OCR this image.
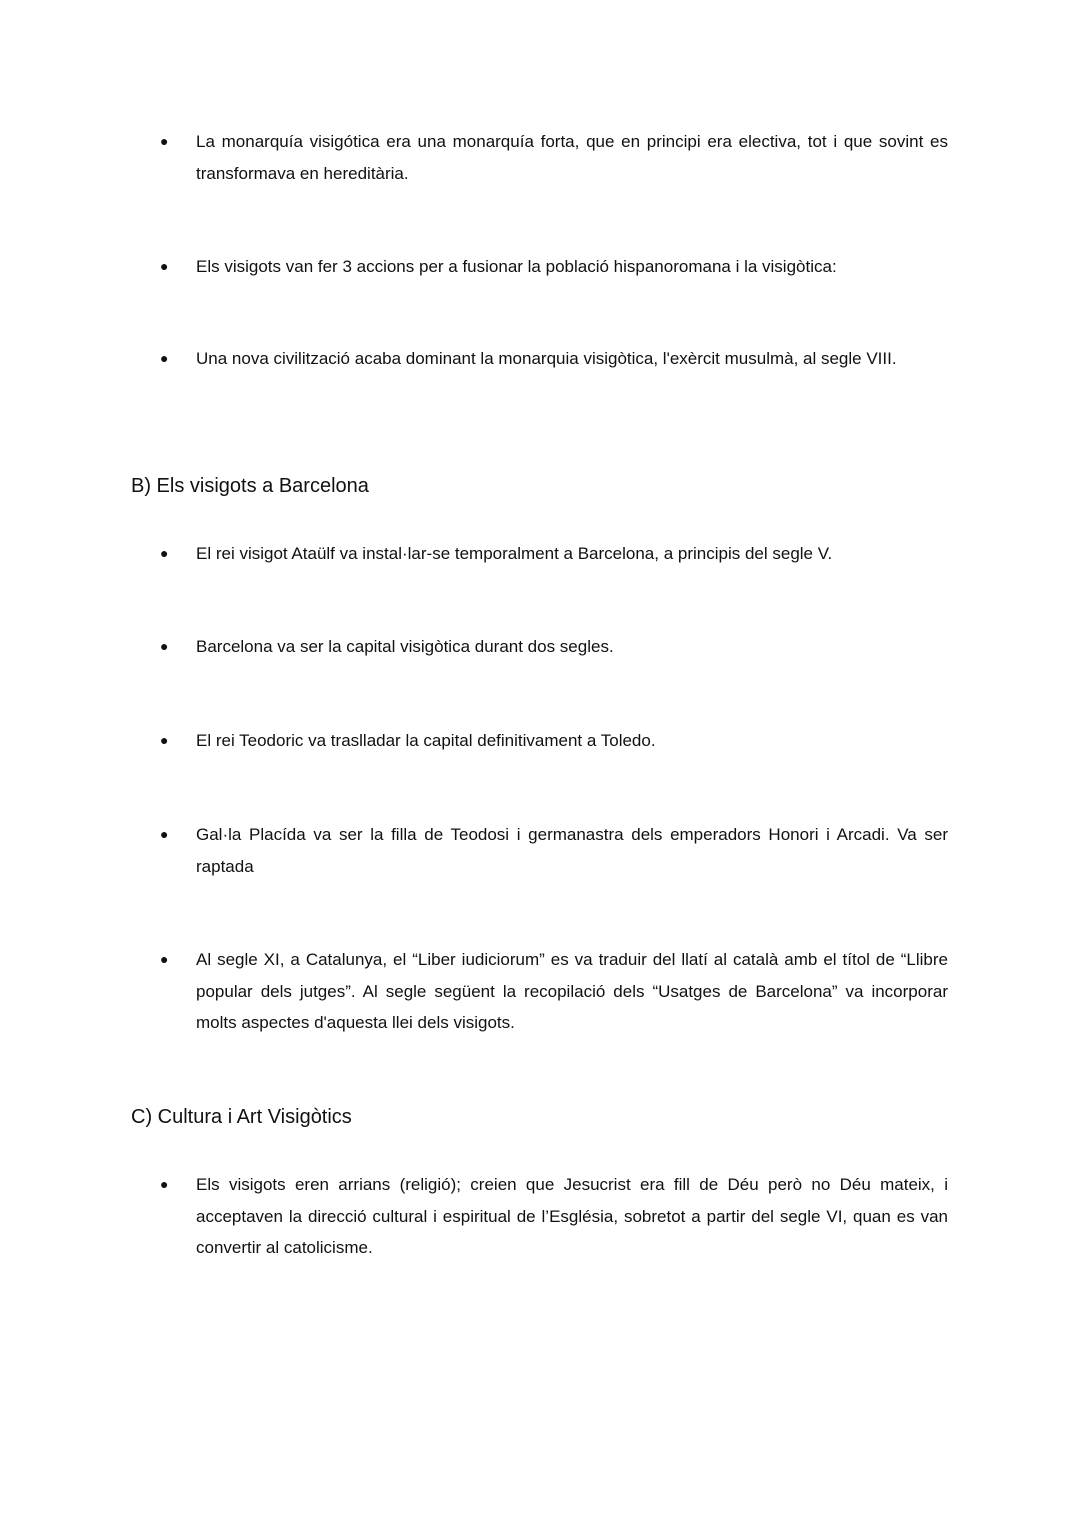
●	La monarquía visigótica era una monarquía forta, que en principi era electiva, tot i que sovint es transformava en hereditària.
●	Els visigots van fer 3 accions per a fusionar la població hispanoromana i la visigòtica:
●	Una nova civilització acaba dominant la monarquia visigòtica, l'exèrcit musulmà, al segle VIII.
B) Els visigots a Barcelona
●	El rei visigot Ataülf va instal·lar-se temporalment a Barcelona, a principis del segle V.
●	Barcelona va ser la capital visigòtica durant dos segles.
●	El rei Teodoric va traslladar la capital definitivament a Toledo.
●	Gal·la Placída va ser la filla de Teodosi i germanastra dels emperadors Honori i Arcadi. Va ser raptada
●	Al segle XI, a Catalunya, el “Liber iudiciorum” es va traduir del llatí al català amb el títol de “Llibre popular dels jutges”. Al segle següent la recopilació dels “Usatges de Barcelona” va incorporar molts aspectes d'aquesta llei dels visigots.
C) Cultura i Art Visigòtics
●	Els visigots eren arrians (religió); creien que Jesucrist era fill de Déu però no Déu mateix, i acceptaven la direcció cultural i espiritual de l’Església, sobretot a partir del segle VI, quan es van convertir al catolicisme.
